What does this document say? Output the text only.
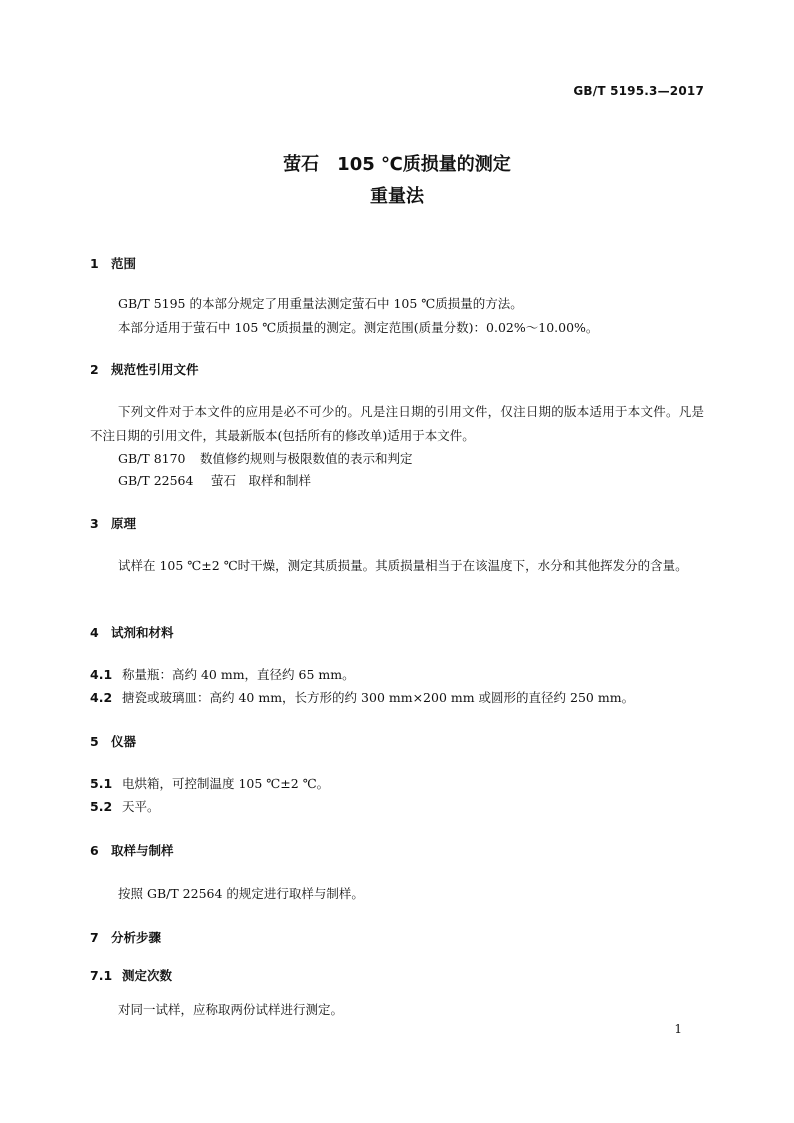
GB/T 5195.3—2017
萤石　105 ℃质损量的测定
重量法
1 范围
GB/T 5195 的本部分规定了用重量法测定萤石中 105 ℃质损量的方法。
本部分适用于萤石中 105 ℃质损量的测定。测定范围(质量分数)：0.02%～10.00%。
2 规范性引用文件
下列文件对于本文件的应用是必不可少的。凡是注日期的引用文件，仅注日期的版本适用于本文件。凡是不注日期的引用文件，其最新版本(包括所有的修改单)适用于本文件。
GB/T 8170 数值修约规则与极限数值的表示和判定
GB/T 22564 萤石　取样和制样
3 原理
试样在 105 ℃±2 ℃时干燥，测定其质损量。其质损量相当于在该温度下，水分和其他挥发分的含量。
4 试剂和材料
4.1 称量瓶：高约 40 mm，直径约 65 mm。
4.2 搪瓷或玻璃皿：高约 40 mm，长方形的约 300 mm×200 mm 或圆形的直径约 250 mm。
5 仪器
5.1 电烘箱，可控制温度 105 ℃±2 ℃。
5.2 天平。
6 取样与制样
按照 GB/T 22564 的规定进行取样与制样。
7 分析步骤
7.1 测定次数
对同一试样，应称取两份试样进行测定。
1
